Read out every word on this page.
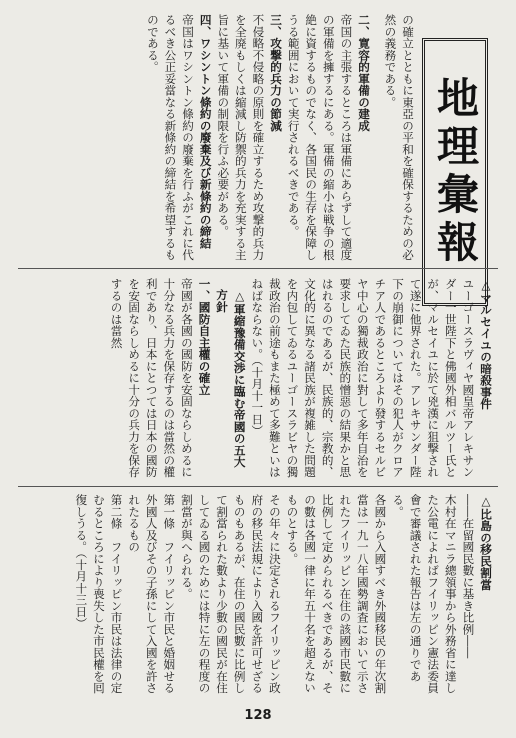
地理彙報

の確立とともに東亞の平和を確保するための必然の義務である。

二、寛容的軍備の建成

帝国の主張するところは軍備にあらずして適度の軍備を擁するにある。軍備の縮小は戦争の根絶に資するものでなく、各国民の生存を保障しうる範囲において実行されるべきである。

三、攻撃的兵力の節減

不侵略不侵略の原則を確立するため攻撃的兵力を全廃もしくは縮減し防禦的兵力を充実する主旨に基いて軍備の制限を行ふ必要がある。

四、ワシントン條約の廢棄及び新條約の締結

帝国はワシントン條約の廢棄を行ふがこれに代るべき公正妥當なる新條約の締結を希望するものである。

△マルセイユの暗殺事件

ユーゴースラヴィヤ國皇帝アレキサンダー一世陛下と佛國外相バルツー氏とが、マルセイユに於て兇漢に狙撃されて遂に他界された。アレキサンダー陛下の崩御についてはその犯人がクロアチア人であるところより發するセルビヤ中心の獨裁政治に對して多年自治を要求してゐた民族的憎惡の結果かと思はれるのであるが、民族的、宗教的、文化的に異なる諸民族が複雑した問題を内包してゐるユーゴースラビヤの獨裁政治の前途もまた極めて多難といはねばならない。（十月十一日）

△軍縮豫備交渉に臨む帝國の五大方針

一、國防自主權の確立

帝國が各國の國防を安固ならしめるに十分なる兵力を保存するのは當然の權利であり、日本にとつては日本の國防を安固ならしめるに十分の兵力を保存するのは當然

△比島の移民割當

――在留國民數に基き比例――

木村在マニラ總領事から外務省に達した公電によればフイリッピン憲法委員會で審議された報告は左の通りである。

各國から入國すべき外國移民の年次割當は一九一八年國勢調査において示されたフイリッピン在住の該國市民數に比例して定められるべきであるが、その數は各國一律に年五十名を超えないものとする。

その年々に決定されるフイリッピン政府の移民法規により入國を許可せざるものもあるが、在住の國民數に比例して割當られた數より少數の國民が在住してゐる國のためには特に左の程度の割當が與へられる。

第一條　フイリッピン市民と婚姻せる外國人及びその子孫にして入國を許されたるもの

第二條　フイリッピン市民は法律の定むるところにより喪失した市民權を囘復しうる。（十月十三日）

128
